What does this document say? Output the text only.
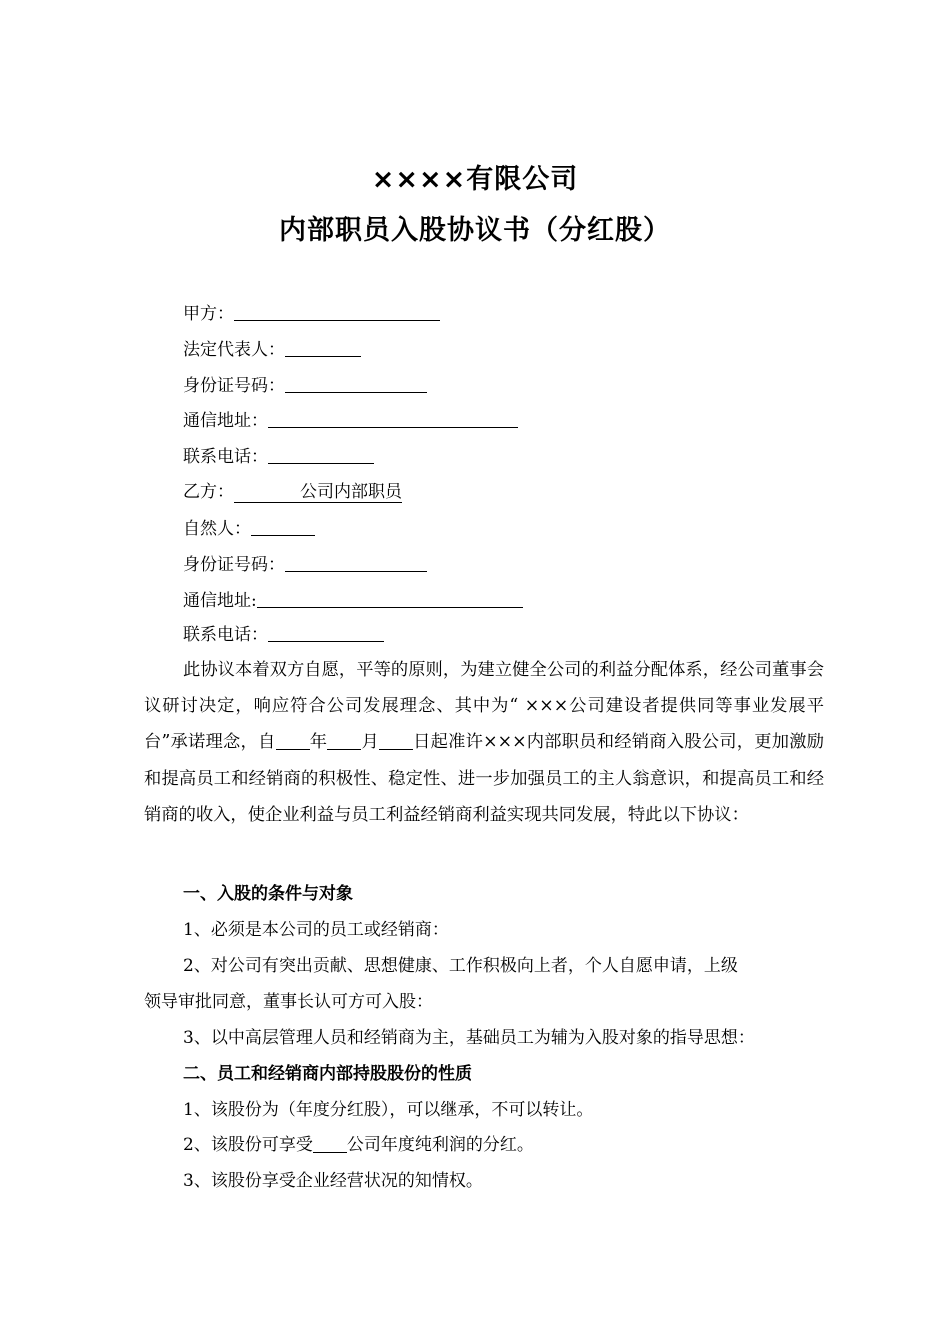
××××有限公司
内部职员入股协议书（分红股）
甲方：
法定代表人：
身份证号码：
通信地址：
联系电话：
乙方：	公司内部职员
自然人：
身份证号码：
通信地址:
联系电话：

此协议本着双方自愿，平等的原则，为建立健全公司的利益分配体系，经公司董事会议研讨决定，响应符合公司发展理念、其中为“ ×××公司建设者提供同等事业发展平台”承诺理念，自 年 月 日起准许×××内部职员和经销商入股公司，更加激励和提高员工和经销商的积极性、稳定性、进一步加强员工的主人翁意识，和提高员工和经销商的收入，使企业利益与员工利益经销商利益实现共同发展，特此以下协议：

一、入股的条件与对象
1、必须是本公司的员工或经销商：
2、对公司有突出贡献、思想健康、工作积极向上者，个人自愿申请，上级
领导审批同意，董事长认可方可入股：
3、以中高层管理人员和经销商为主，基础员工为辅为入股对象的指导思想：
二、员工和经销商内部持股股份的性质
1、该股份为（年度分红股），可以继承，不可以转让。
2、该股份可享受 公司年度纯利润的分红。
3、该股份享受企业经营状况的知情权。
